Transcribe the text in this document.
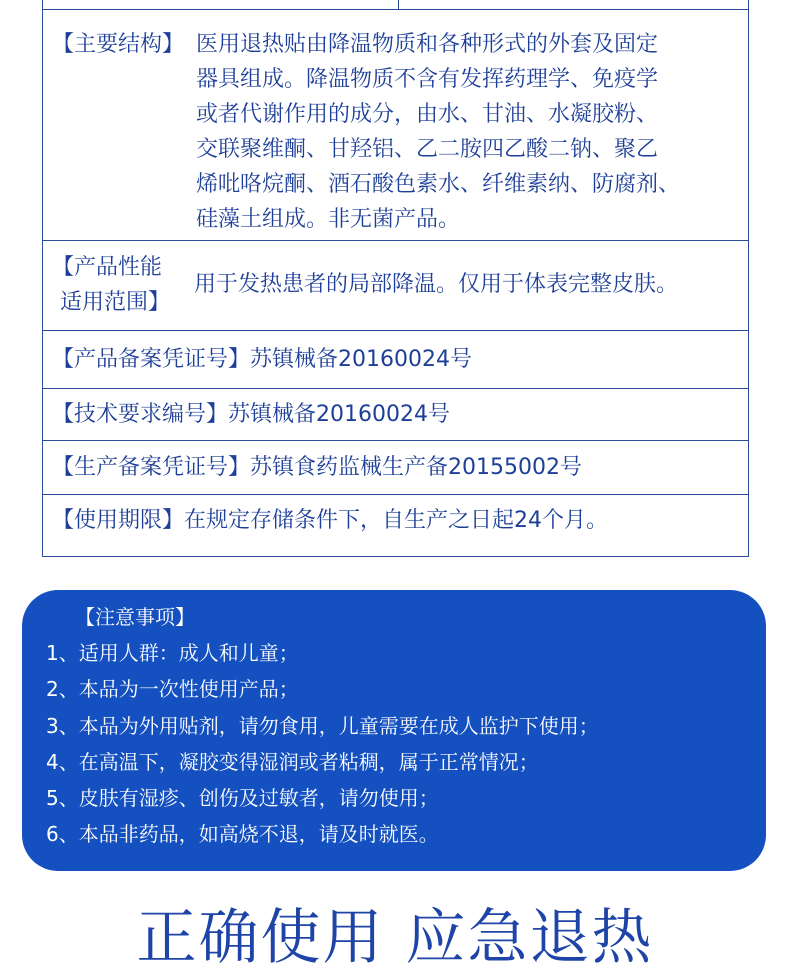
【主要结构】 医用退热贴由降温物质和各种形式的外套及固定
器具组成。降温物质不含有发挥药理学、免疫学
或者代谢作用的成分，由水、甘油、水凝胶粉、
交联聚维酮、甘羟铝、乙二胺四乙酸二钠、聚乙
烯吡咯烷酮、酒石酸色素水、纤维素纳、防腐剂、
硅藻土组成。非无菌产品。
【产品性能
适用范围】
用于发热患者的局部降温。仅用于体表完整皮肤。
【产品备案凭证号】苏镇械备20160024号
【技术要求编号】苏镇械备20160024号
【生产备案凭证号】苏镇食药监械生产备20155002号
【使用期限】在规定存储条件下，自生产之日起24个月。
【注意事项】
1、适用人群：成人和儿童；
2、本品为一次性使用产品；
3、本品为外用贴剂，请勿食用，儿童需要在成人监护下使用；
4、在高温下，凝胶变得湿润或者粘稠，属于正常情况；
5、皮肤有湿疹、创伤及过敏者，请勿使用；
6、本品非药品，如高烧不退，请及时就医。
正确使用 应急退热
